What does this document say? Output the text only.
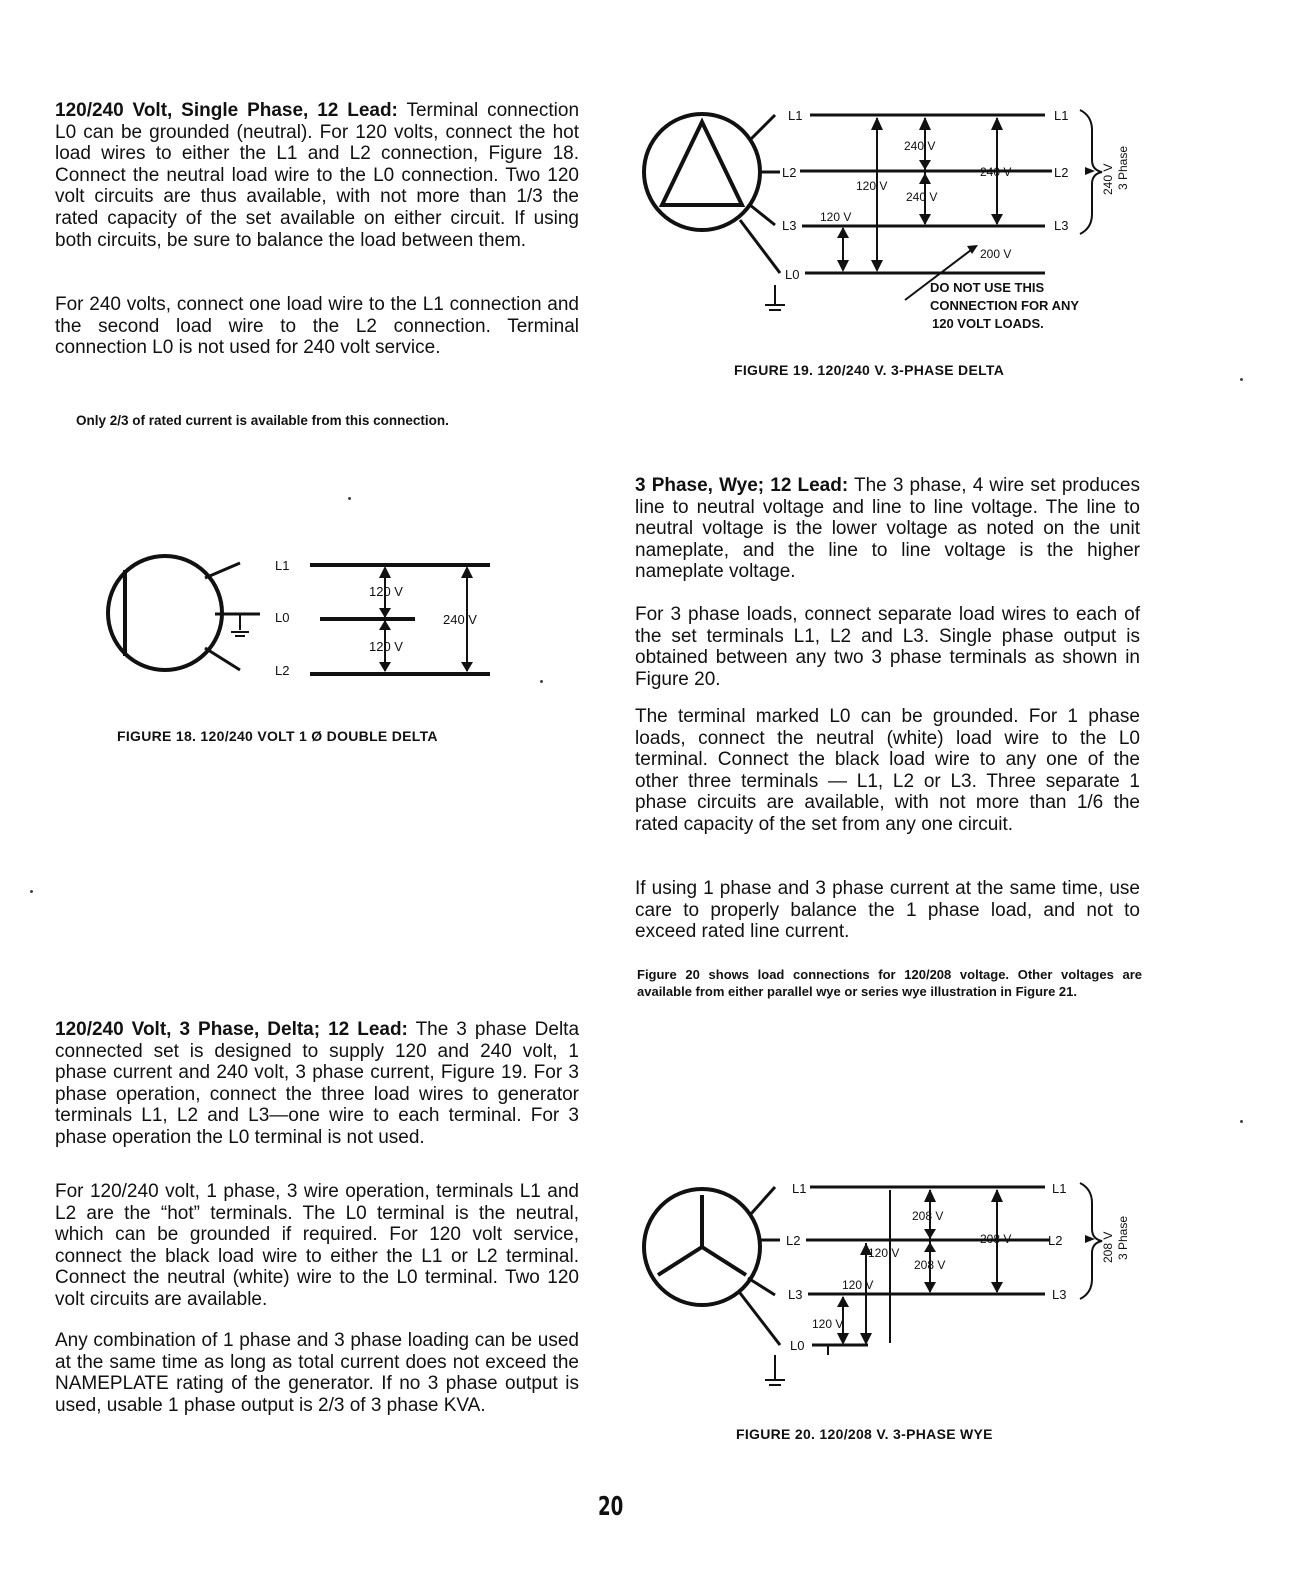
120/240 Volt, Single Phase, 12 Lead: Terminal connection L0 can be grounded (neutral). For 120 volts, connect the hot load wires to either the L1 and L2 connection, Figure 18. Connect the neutral load wire to the L0 connection. Two 120 volt circuits are thus available, with not more than 1/3 the rated capacity of the set available on either circuit. If using both circuits, be sure to balance the load between them.

For 240 volts, connect one load wire to the L1 connection and the second load wire to the L2 connection. Terminal connection L0 is not used for 240 volt service.

Only 2/3 of rated current is available from this connection.

L1
L0
L2
120 V
120 V
240 V

FIGURE 18. 120/240 VOLT 1 Ø DOUBLE DELTA

120/240 Volt, 3 Phase, Delta; 12 Lead: The 3 phase Delta connected set is designed to supply 120 and 240 volt, 1 phase current and 240 volt, 3 phase current, Figure 19. For 3 phase operation, connect the three load wires to generator terminals L1, L2 and L3—one wire to each terminal. For 3 phase operation the L0 terminal is not used.

For 120/240 volt, 1 phase, 3 wire operation, terminals L1 and L2 are the “hot” terminals. The L0 terminal is the neutral, which can be grounded if required. For 120 volt service, connect the black load wire to either the L1 or L2 terminal. Connect the neutral (white) wire to the L0 terminal. Two 120 volt circuits are available.

Any combination of 1 phase and 3 phase loading can be used at the same time as long as total current does not exceed the NAMEPLATE rating of the generator. If no 3 phase output is used, usable 1 phase output is 2/3 of 3 phase KVA.

L1
L2
L3
L0
L1
L2
L3
240 V 3 Phase
240 V
120 V
240 V
240 V
120 V
200 V
DO NOT USE THIS
CONNECTION FOR ANY
120 VOLT LOADS.

FIGURE 19. 120/240 V. 3-PHASE DELTA

3 Phase, Wye; 12 Lead: The 3 phase, 4 wire set produces line to neutral voltage and line to line voltage. The line to neutral voltage is the lower voltage as noted on the unit nameplate, and the line to line voltage is the higher nameplate voltage.

For 3 phase loads, connect separate load wires to each of the set terminals L1, L2 and L3. Single phase output is obtained between any two 3 phase terminals as shown in Figure 20.

The terminal marked L0 can be grounded. For 1 phase loads, connect the neutral (white) load wire to the L0 terminal. Connect the black load wire to any one of the other three terminals — L1, L2 or L3. Three separate 1 phase circuits are available, with not more than 1/6 the rated capacity of the set from any one circuit.

If using 1 phase and 3 phase current at the same time, use care to properly balance the 1 phase load, and not to exceed rated line current.

Figure 20 shows load connections for 120/208 voltage. Other voltages are available from either parallel wye or series wye illustration in Figure 21.

L1
L2
L3
L0
L1
L2
L3
208 V 3 Phase
208 V
208 V
208 V
120 V
120 V
120 V

FIGURE 20. 120/208 V. 3-PHASE WYE

20
